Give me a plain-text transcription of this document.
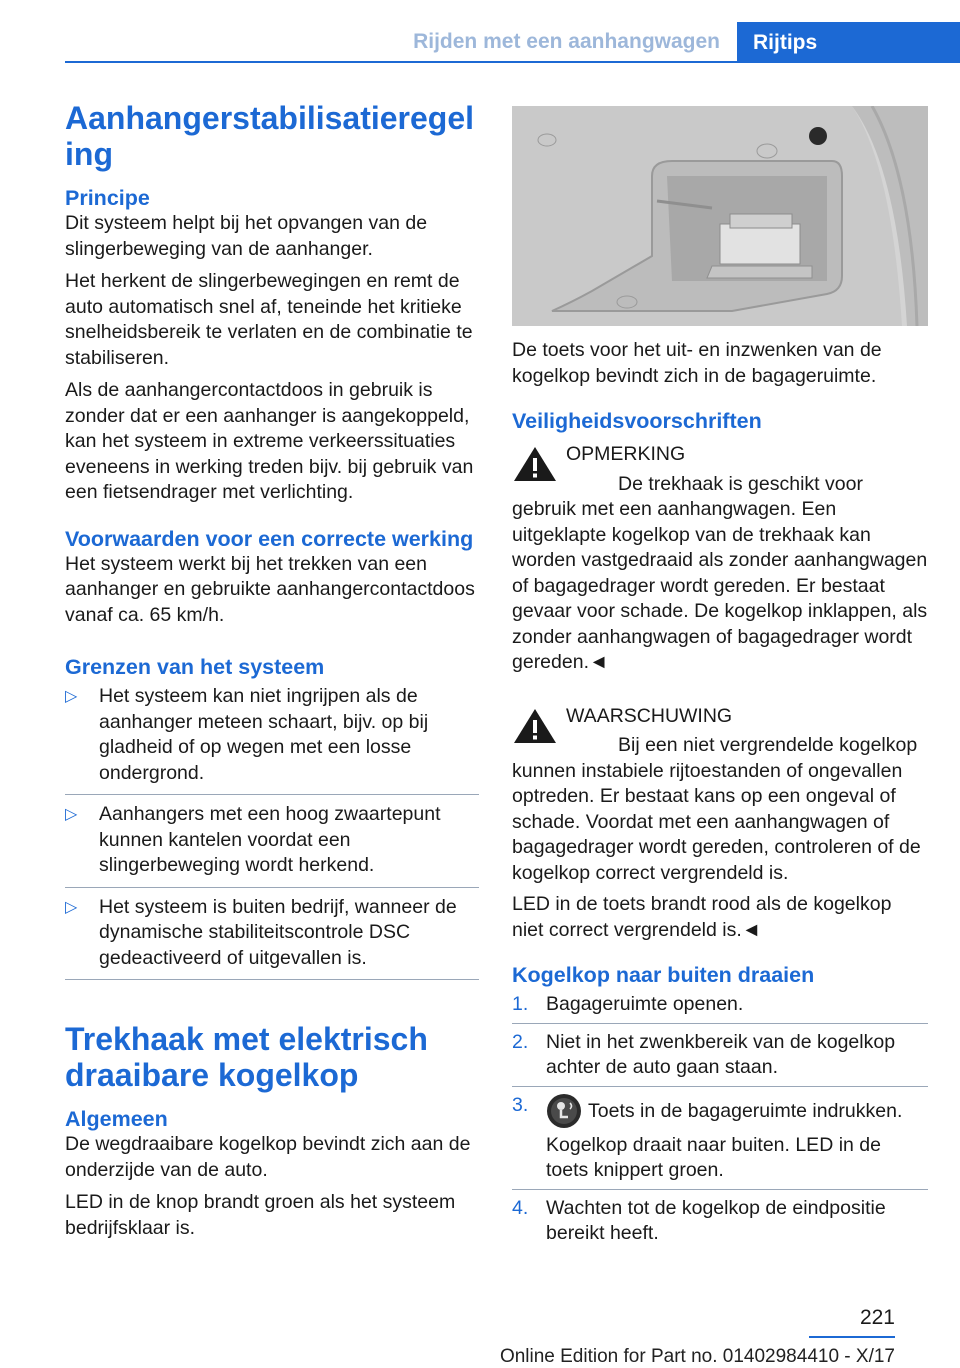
Rijden met een aanhangwagen	Rijtips
Aanhangerstabilisatieregeling
Principe

Dit systeem helpt bij het opvangen van de slingerbeweging van de aanhanger.

Het herkent de slingerbewegingen en remt de auto automatisch snel af, teneinde het kritieke snelheidsbereik te verlaten en de combinatie te stabiliseren.

Als de aanhangercontactdoos in gebruik is zonder dat er een aanhanger is aangekoppeld, kan het systeem in extreme verkeerssituaties eveneens in werking treden bijv. bij gebruik van een fietsendrager met verlichting.

Voorwaarden voor een correcte werking

Het systeem werkt bij het trekken van een aanhanger en gebruikte aanhangercontactdoos vanaf ca. 65 km/h.

Grenzen van het systeem
▷ Het systeem kan niet ingrijpen als de aanhanger meteen schaart, bijv. op bij gladheid of op wegen met een losse ondergrond.
▷ Aanhangers met een hoog zwaartepunt kunnen kantelen voordat een slingerbeweging wordt herkend.
▷ Het systeem is buiten bedrijf, wanneer de dynamische stabiliteitscontrole DSC gedeactiveerd of uitgevallen is.
Trekhaak met elektrisch draaibare kogelkop
Algemeen

De wegdraaibare kogelkop bevindt zich aan de onderzijde van de auto.

LED in de knop brandt groen als het systeem bedrijfsklaar is.

De toets voor het uit- en inzwenken van de kogelkop bevindt zich in de bagageruimte.

Veiligheidsvoorschriften
OPMERKING

De trekhaak is geschikt voor gebruik met een aanhangwagen. Een uitgeklapte kogelkop van de trekhaak kan worden vastgedraaid als zonder aanhangwagen of bagagedrager wordt gereden. Er bestaat gevaar voor schade. De kogelkop inklappen, als zonder aanhangwagen of bagagedrager wordt gereden.◄

WAARSCHUWING

Bij een niet vergrendelde kogelkop kunnen instabiele rijtoestanden of ongevallen optreden. Er bestaat kans op een ongeval of schade. Voordat met een aanhangwagen of bagagedrager wordt gereden, controleren of de kogelkop correct vergrendeld is.

LED in de toets brandt rood als de kogelkop niet correct vergrendeld is.◄

Kogelkop naar buiten draaien
1. Bagageruimte openen.
2. Niet in het zwenkbereik van de kogelkop achter de auto gaan staan.
3.	Toets in de bagageruimte indrukken.
Kogelkop draait naar buiten. LED in de toets knippert groen.
4. Wachten tot de kogelkop de eindpositie bereikt heeft.
221
Online Edition for Part no. 01402984410 - X/17
